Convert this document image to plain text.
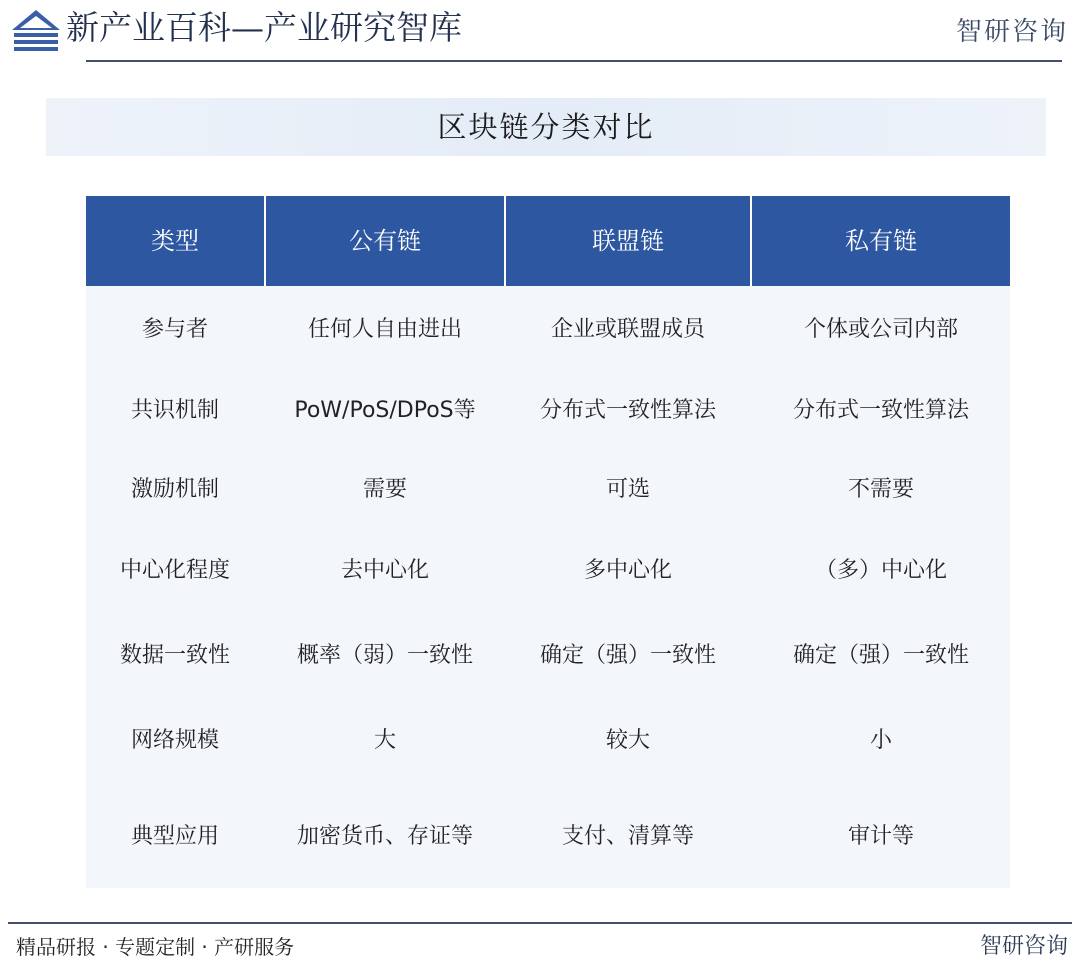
新产业百科—产业研究智库	智研咨询
区块链分类对比
类型	公有链	联盟链	私有链
参与者	任何人自由进出	企业或联盟成员	个体或公司内部
共识机制	PoW/PoS/DPoS等	分布式一致性算法	分布式一致性算法
激励机制	需要	可选	不需要
中心化程度	去中心化	多中心化	（多）中心化
数据一致性	概率（弱）一致性	确定（强）一致性	确定（强）一致性
网络规模	大	较大	小
典型应用	加密货币、存证等	支付、清算等	审计等
精品研报 · 专题定制 · 产研服务	智研咨询
